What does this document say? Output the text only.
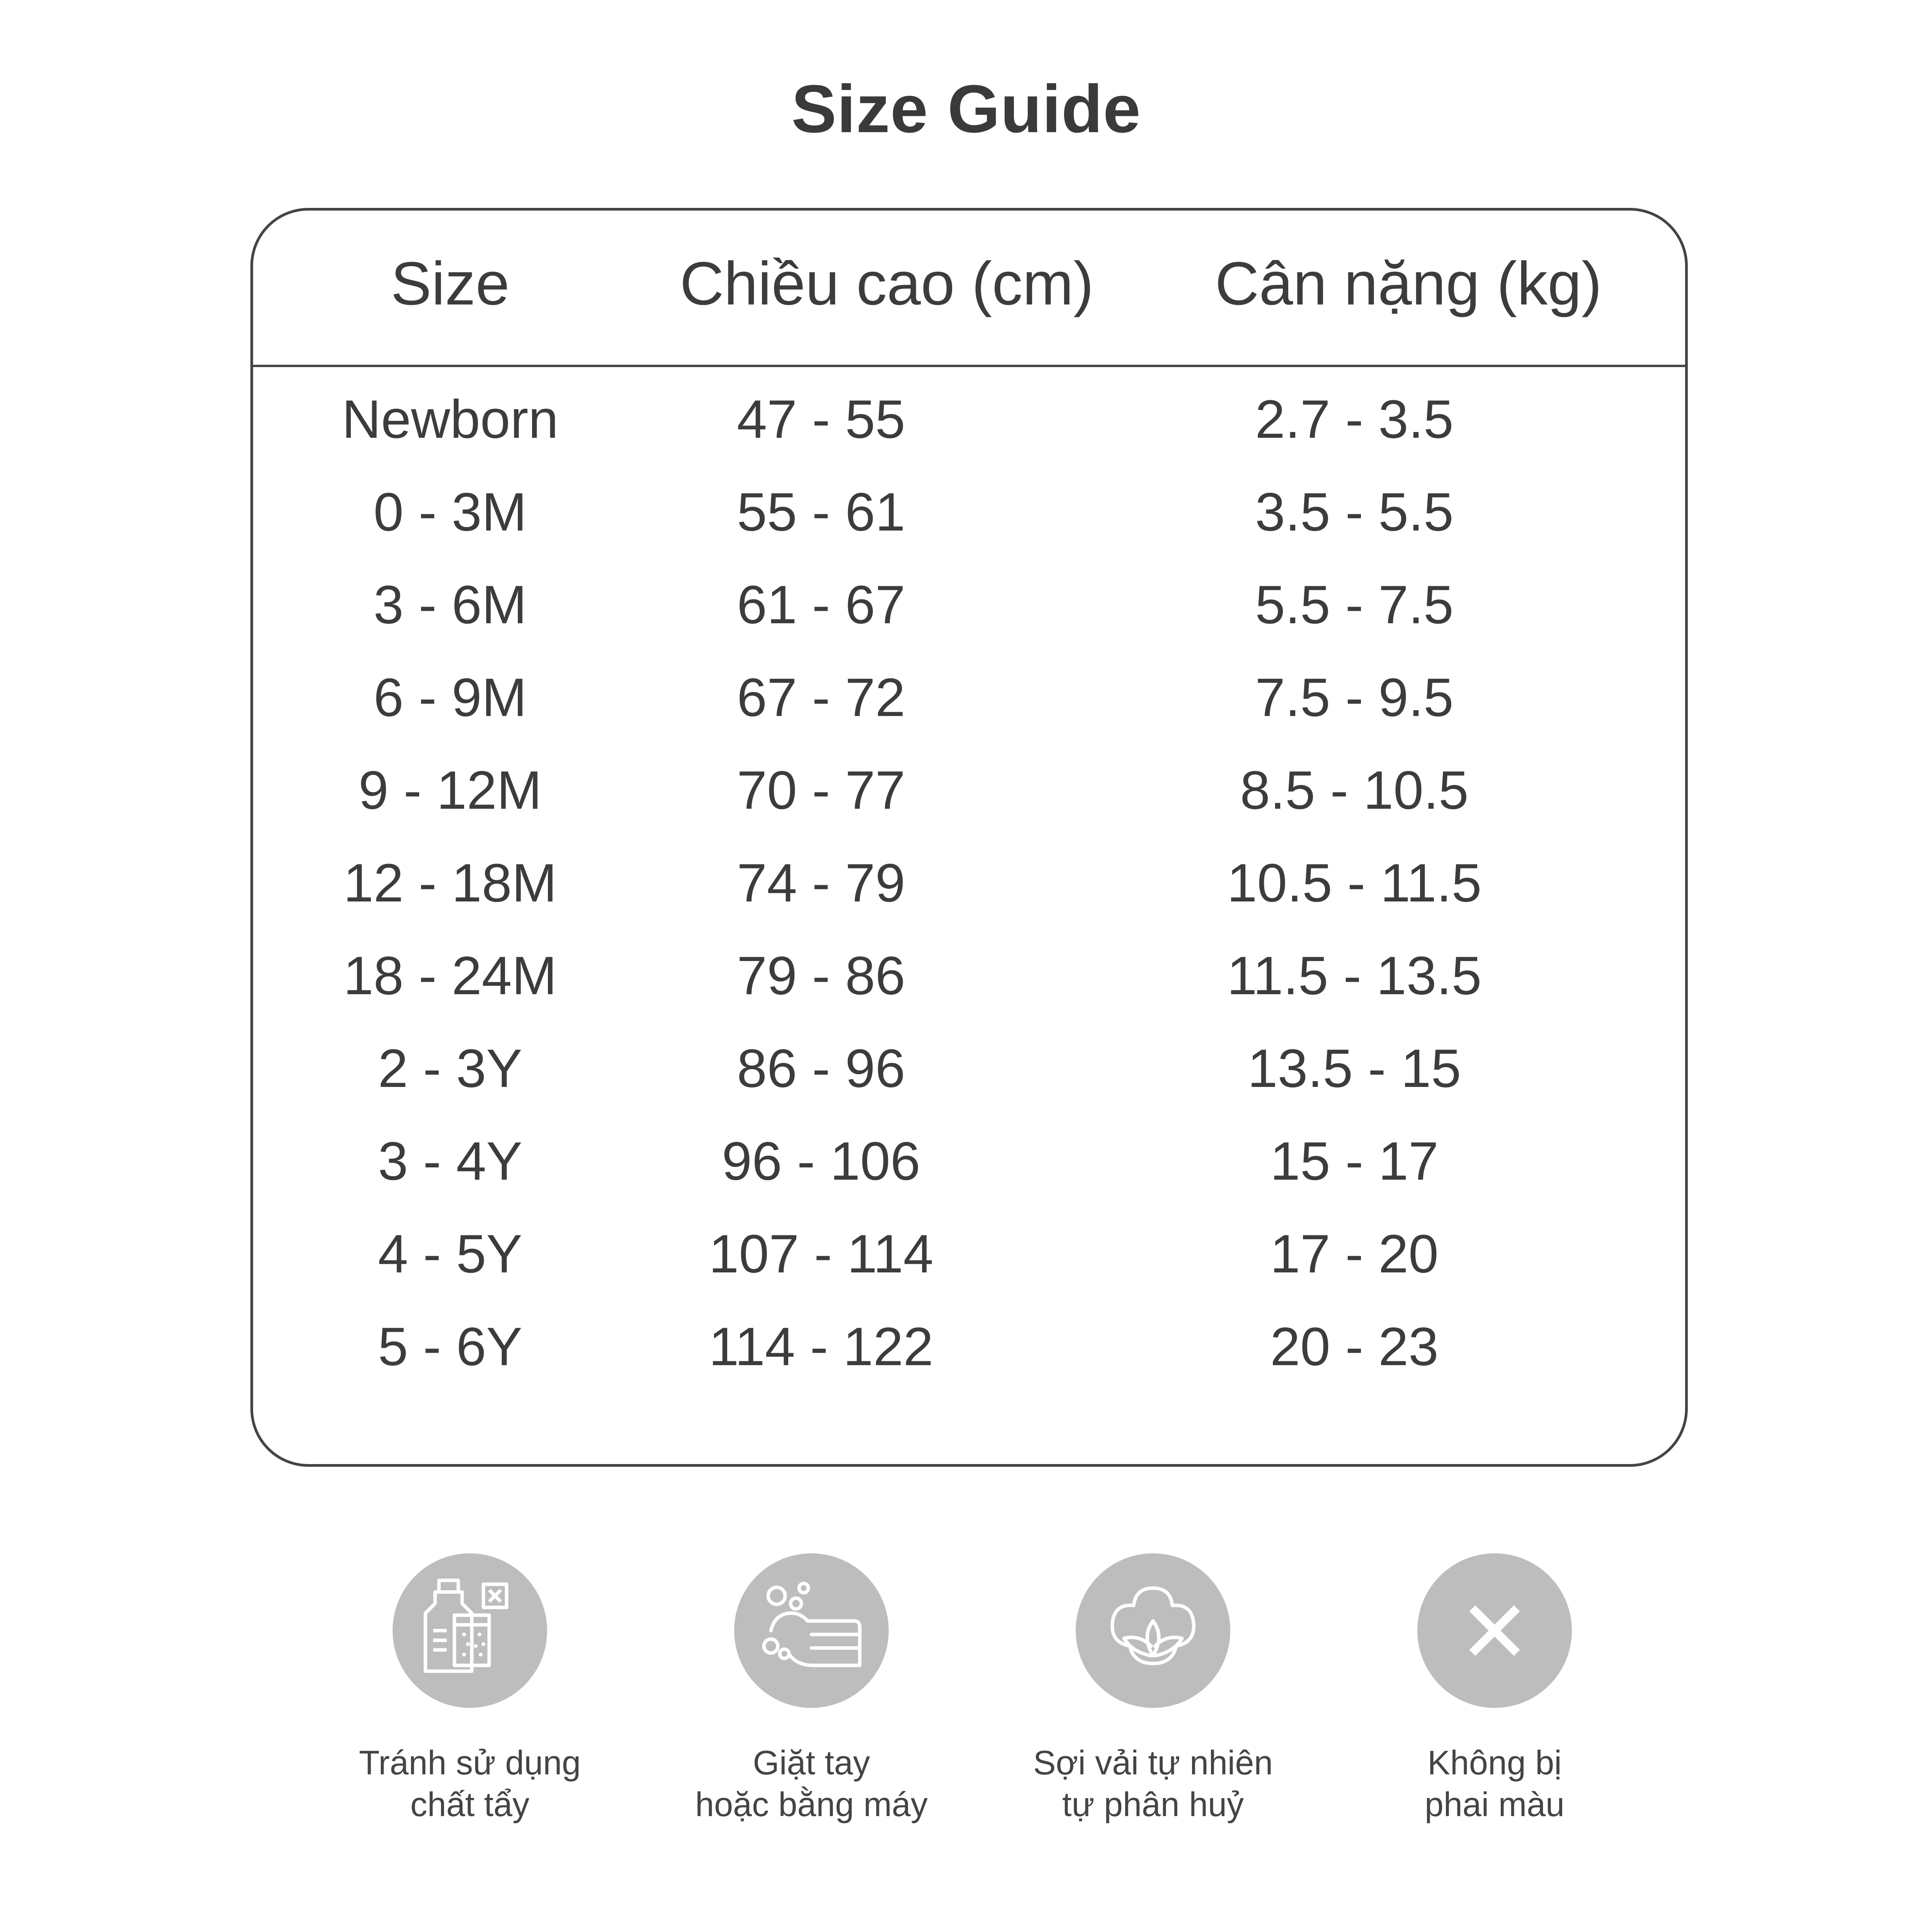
Size Guide
Size	Chiều cao (cm)	Cân nặng (kg)
Newborn	47 - 55	2.7 - 3.5
0 - 3M	55 - 61	3.5 - 5.5
3 - 6M	61 - 67	5.5 - 7.5
6 - 9M	67 - 72	7.5 - 9.5
9 - 12M	70 - 77	8.5 - 10.5
12 - 18M	74 - 79	10.5 - 11.5
18 - 24M	79 - 86	11.5 - 13.5
2 - 3Y	86 - 96	13.5 - 15
3 - 4Y	96 - 106	15 - 17
4 - 5Y	107 - 114	17 - 20
5 - 6Y	114 - 122	20 - 23
Tránh sử dụng
chất tẩy
Giặt tay
hoặc bằng máy
Sợi vải tự nhiên
tự phân huỷ
Không bị
phai màu
